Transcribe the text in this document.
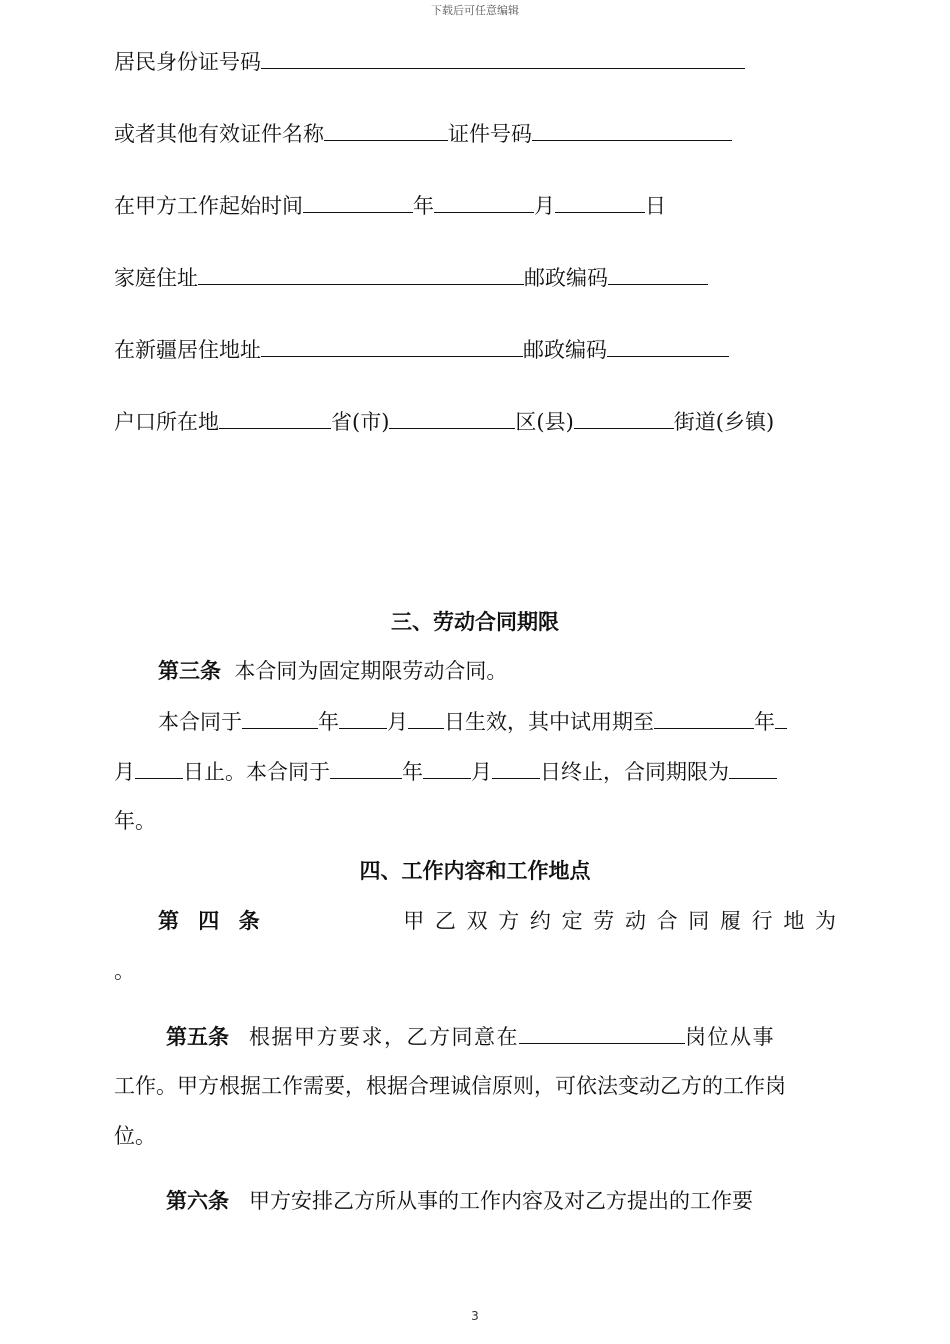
下载后可任意编辑
居民身份证号码
或者其他有效证件名称	证件号码
在甲方工作起始时间	年	月	日
家庭住址	邮政编码
在新疆居住地址	邮政编码
户口所在地	省(市)	区(县)	街道(乡镇)
三、劳动合同期限
第三条 本合同为固定期限劳动合同。
本合同于	年 月 日生效，其中试用期至	年
月 日止。本合同于	年 月 日终止，合同期限为
年。
四、工作内容和工作地点
第 四 条	甲 乙 双 方 约 定 劳 动 合 同 履 行 地 为
。
第五条 根据甲方要求，乙方同意在	岗位从事
工作。甲方根据工作需要，根据合理诚信原则，可依法变动乙方的工作岗
位。
第六条 甲方安排乙方所从事的工作内容及对乙方提出的工作要
3
